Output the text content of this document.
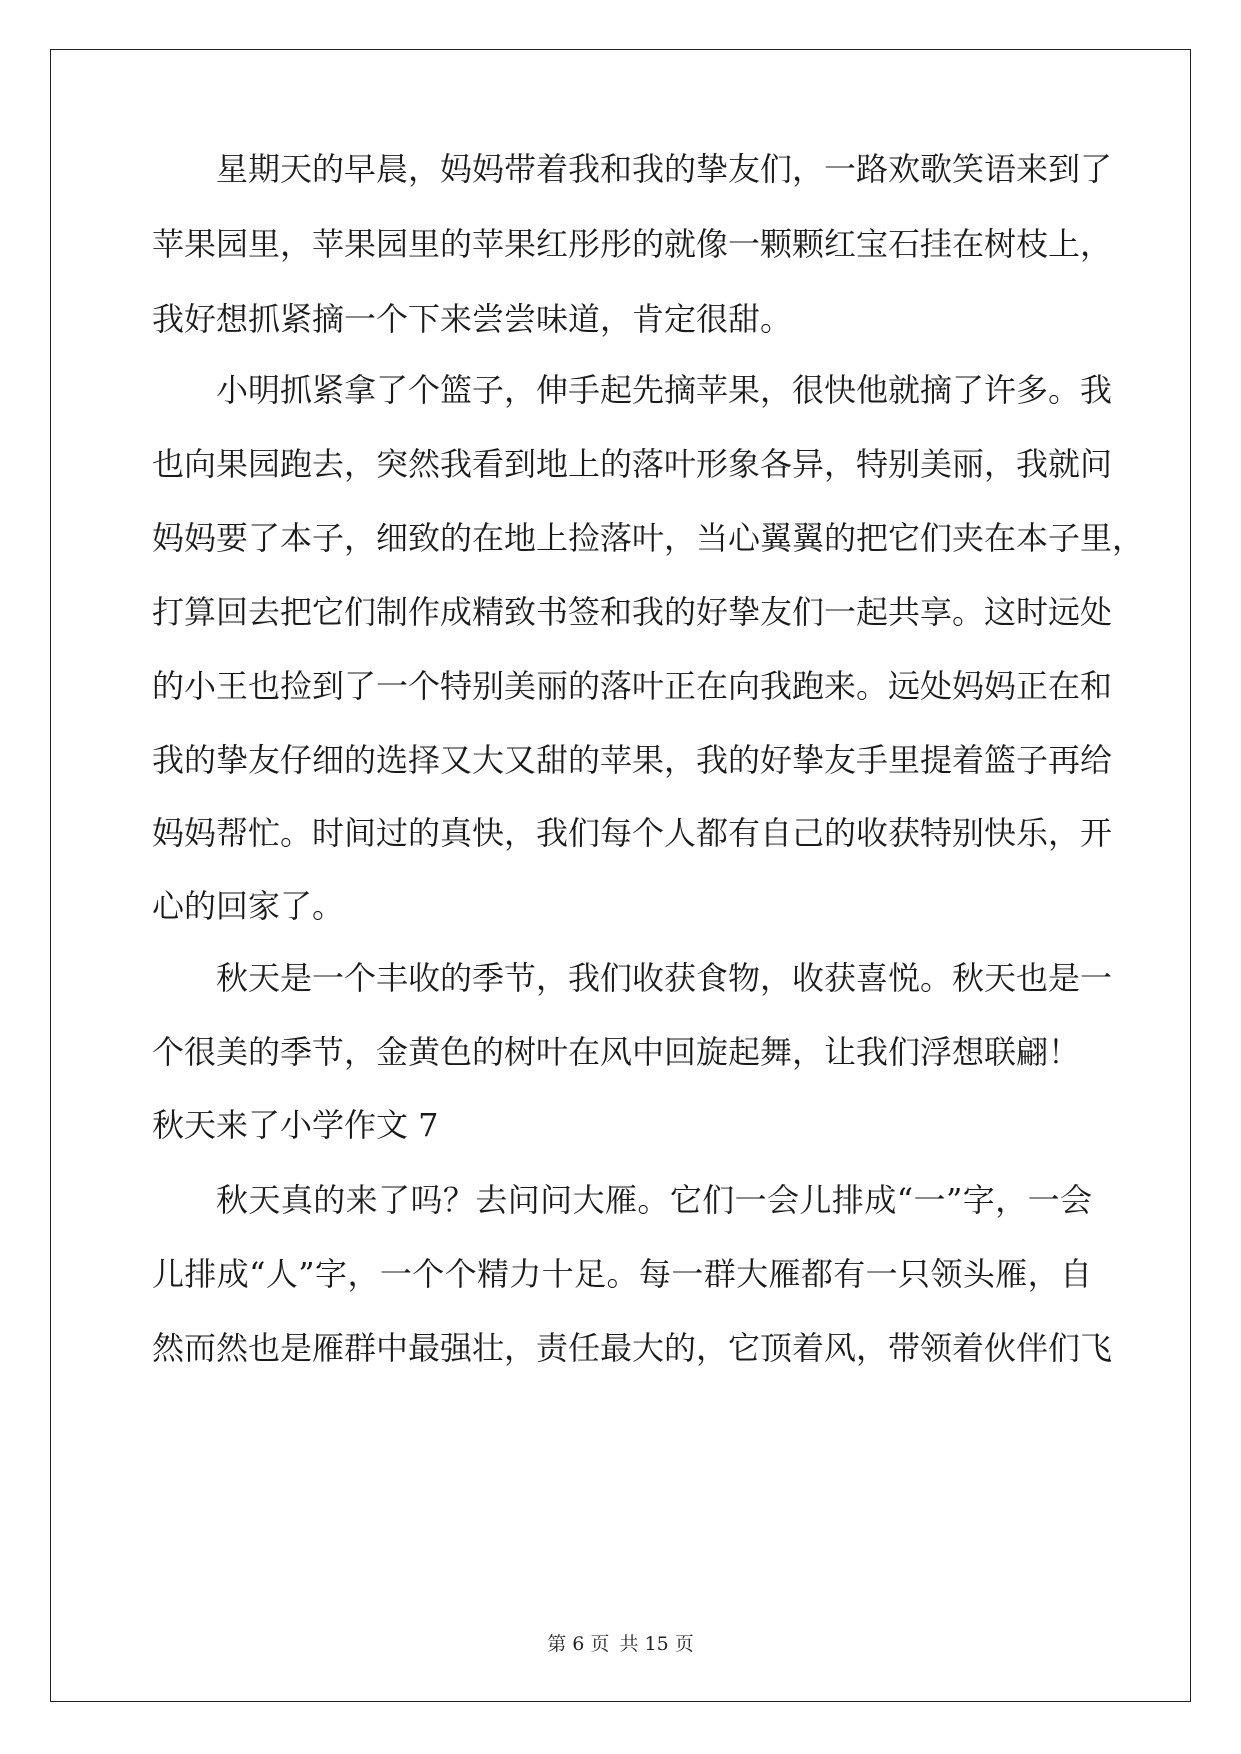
星期天的早晨，妈妈带着我和我的挚友们，一路欢歌笑语来到了

苹果园里，苹果园里的苹果红彤彤的就像一颗颗红宝石挂在树枝上，

我好想抓紧摘一个下来尝尝味道，肯定很甜。

小明抓紧拿了个篮子，伸手起先摘苹果，很快他就摘了许多。我

也向果园跑去，突然我看到地上的落叶形象各异，特别美丽，我就问

妈妈要了本子，细致的在地上捡落叶，当心翼翼的把它们夹在本子里，

打算回去把它们制作成精致书签和我的好挚友们一起共享。这时远处

的小王也捡到了一个特别美丽的落叶正在向我跑来。远处妈妈正在和

我的挚友仔细的选择又大又甜的苹果，我的好挚友手里提着篮子再给

妈妈帮忙。时间过的真快，我们每个人都有自己的收获特别快乐，开

心的回家了。

秋天是一个丰收的季节，我们收获食物，收获喜悦。秋天也是一

个很美的季节，金黄色的树叶在风中回旋起舞，让我们浮想联翩！

秋天来了小学作文 7

秋天真的来了吗？去问问大雁。它们一会儿排成“一”字，一会

儿排成“人”字，一个个精力十足。每一群大雁都有一只领头雁，自

然而然也是雁群中最强壮，责任最大的，它顶着风，带领着伙伴们飞

第 6 页 共 15 页
